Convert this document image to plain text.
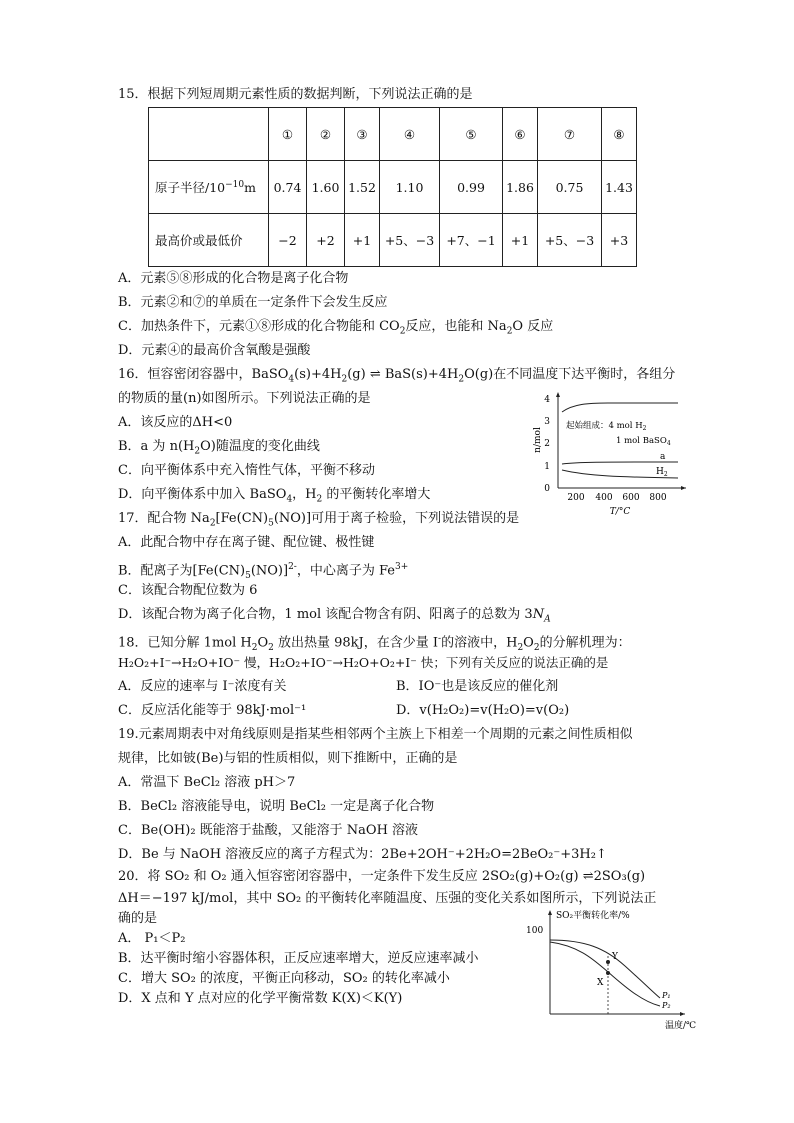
15．根据下列短周期元素性质的数据判断，下列说法正确的是
	①	②	③	④	⑤	⑥	⑦	⑧
原子半径$/10^{-10}m$	0.74	1.60	1.52	1.10	0.99	1.86	0.75	1.43
最高价或最低价	−2	+2	+1	+5、−3	+7、−1	+1	+5、−3	+3
A．元素⑤⑧形成的化合物是离子化合物
B．元素②和⑦的单质在一定条件下会发生反应
C．加热条件下，元素①⑧形成的化合物能和 $CO_2$反应，也能和 $Na_2O$ 反应
D．元素④的最高价含氧酸是强酸
16．恒容密闭容器中，$BaSO_4(s)+4H_2(g)$ ⇌ $BaS(s)+4H_2O(g)$在不同温度下达平衡时，各组分
的物质的量(n)如图所示。下列说法正确的是
A．该反应的ΔH<0
B．a 为 $n(H_2O)$随温度的变化曲线
C．向平衡体系中充入惰性气体，平衡不移动
D．向平衡体系中加入 BaSO$_4$，$H_2$ 的平衡转化率增大	0
1
2
3
4
200 400 600 800
n/mol
T/°C
起始组成：4 mol $H_2$
1 mol BaSO$_4$
a
$H_2$
17．配合物 $Na_2[Fe(CN)_5(NO)]$可用于离子检验，下列说法错误的是
A．此配合物中存在离子键、配位键、极性键
B．配离子为$[Fe(CN)_5(NO)]^{2-}$，中心离子为 $Fe^{3+}$
C．该配合物配位数为 6
D．该配合物为离子化合物，1 mol 该配合物含有阴、阳离子的总数为 $3N_A$
18．已知分解 1mol $H_2O_2$ 放出热量 98kJ，在含少量 I-的溶液中，$H_2O_2$的分解机理为：
H₂O₂+I⁻→H₂O+IO⁻ 慢，H₂O₂+IO⁻→H₂O+O₂+I⁻ 快；下列有关反应的说法正确的是
A．反应的速率与 I⁻浓度有关	B．IO⁻也是该反应的催化剂
C．反应活化能等于 98kJ·mol⁻¹	D．v(H₂O₂)=v(H₂O)=v(O₂)
19.元素周期表中对角线原则是指某些相邻两个主族上下相差一个周期的元素之间性质相似
规律，比如铍(Be)与铝的性质相似，则下推断中，正确的是
A．常温下 BeCl₂ 溶液 pH＞7
B．BeCl₂ 溶液能导电，说明 BeCl₂ 一定是离子化合物
C．Be(OH)₂ 既能溶于盐酸，又能溶于 NaOH 溶液
D．Be 与 NaOH 溶液反应的离子方程式为：2Be+2OH⁻+2H₂O=2BeO₂⁻+3H₂↑
20．将 SO₂ 和 O₂ 通入恒容密闭容器中，一定条件下发生反应 2SO₂(g)+O₂(g) ⇌2SO₃(g)
ΔH＝−197 kJ/mol，其中 SO₂ 的平衡转化率随温度、压强的变化关系如图所示，下列说法正
确的是
A． P₁＜P₂
B．达平衡时缩小容器体积，正反应速率增大，逆反应速率减小
C．增大 SO₂ 的浓度，平衡正向移动，SO₂ 的转化率减小
D．X 点和 Y 点对应的化学平衡常数 K(X)＜K(Y)
SO₂平衡转化率/%
100
温度/℃
Y
X
P₁
P₂
